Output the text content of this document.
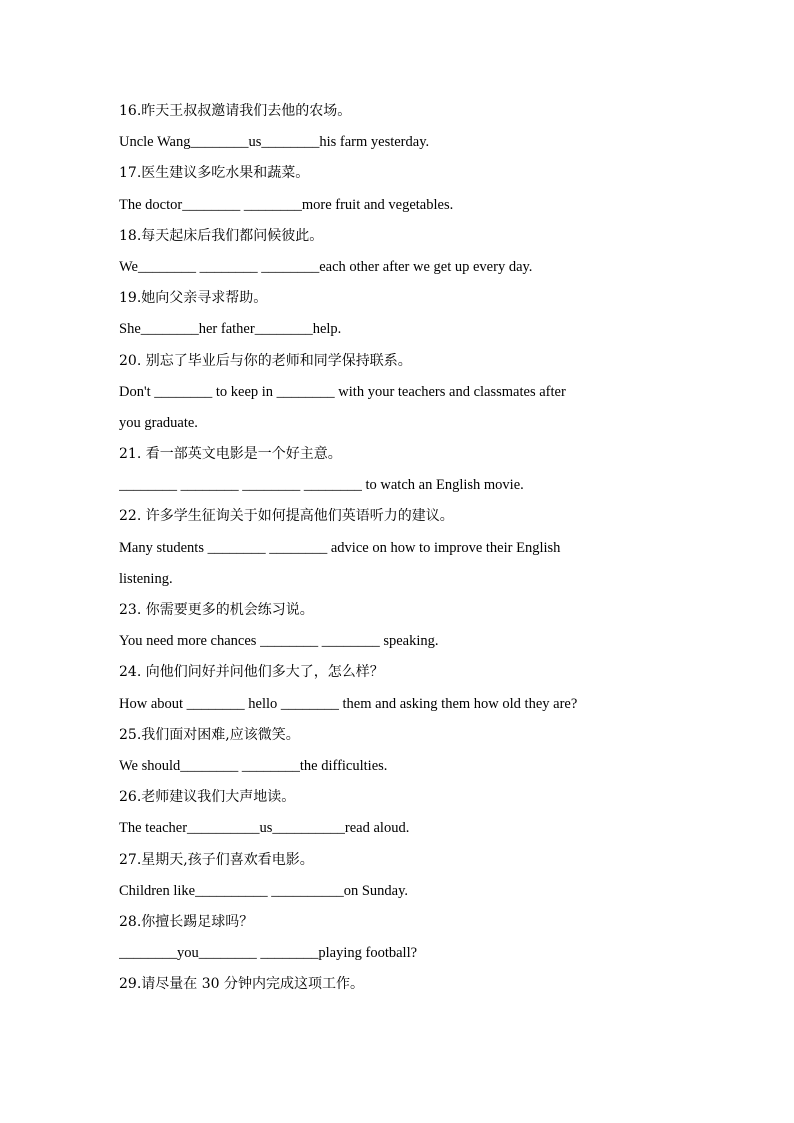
16.昨天王叔叔邀请我们去他的农场。
Uncle Wang________us________his farm yesterday.
17.医生建议多吃水果和蔬菜。
The doctor________ ________more fruit and vegetables.
18.每天起床后我们都问候彼此。
We________ ________ ________each other after we get up every day.
19.她向父亲寻求帮助。
She________her father________help.
20. 别忘了毕业后与你的老师和同学保持联系。
Don't ________ to keep in ________ with your teachers and classmates after
you graduate.
21. 看一部英文电影是一个好主意。
________ ________ ________ ________ to watch an English movie.
22. 许多学生征询关于如何提高他们英语听力的建议。
Many students ________ ________ advice on how to improve their English
listening.
23. 你需要更多的机会练习说。
You need more chances ________ ________ speaking.
24. 向他们问好并问他们多大了，怎么样？
How about ________ hello ________ them and asking them how old they are?
25.我们面对困难,应该微笑。
We should________ ________the difficulties.
26.老师建议我们大声地读。
The teacher__________us__________read aloud.
27.星期天,孩子们喜欢看电影。
Children like__________ __________on Sunday.
28.你擅长踢足球吗？
________you________ ________playing football?
29.请尽量在 30 分钟内完成这项工作。
